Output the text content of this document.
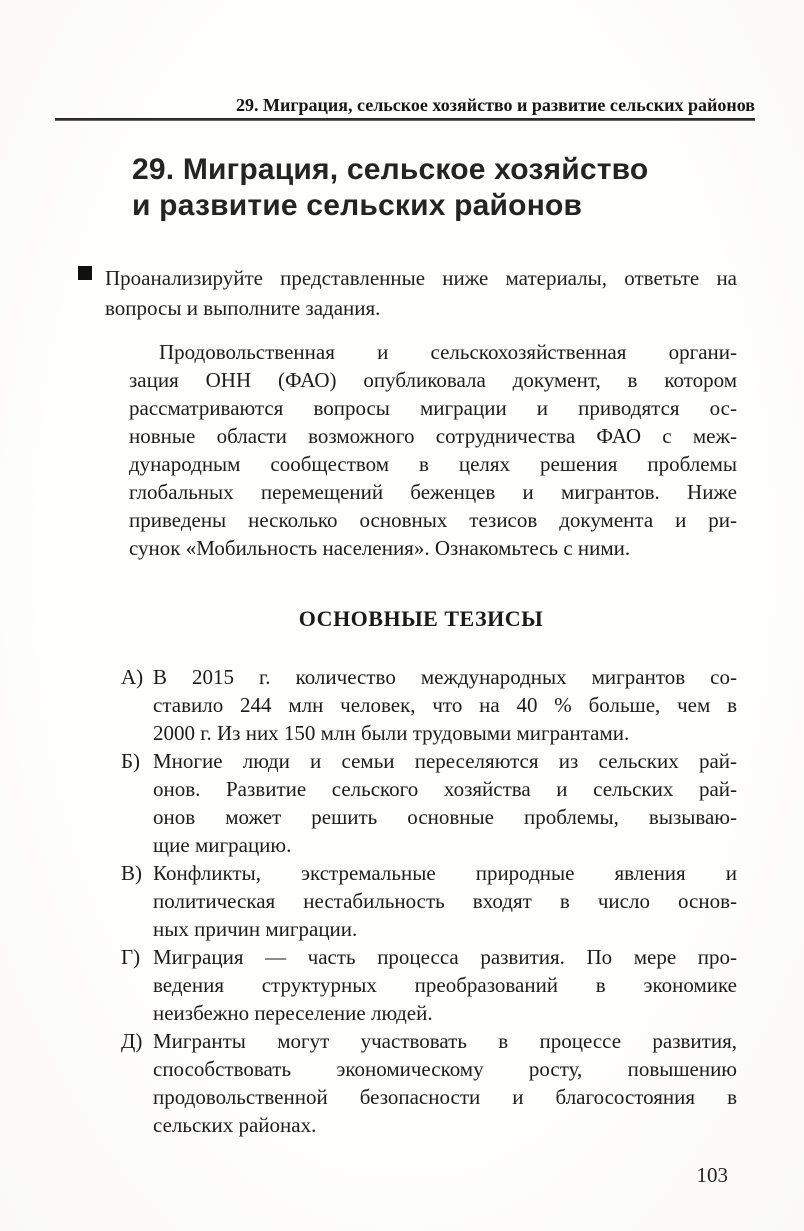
29. Миграция, сельское хозяйство и развитие сельских районов
29. Миграция, сельское хозяйство
и развитие сельских районов
Проанализируйте представленные ниже материалы, ответьте на
вопросы и выполните задания.
Продовольственная и сельскохозяйственная органи-
зация ОНН (ФАО) опубликовала документ, в котором
рассматриваются вопросы миграции и приводятся ос-
новные области возможного сотрудничества ФАО с меж-
дународным сообществом в целях решения проблемы
глобальных перемещений беженцев и мигрантов. Ниже
приведены несколько основных тезисов документа и ри-
сунок «Мобильность населения». Ознакомьтесь с ними.
ОСНОВНЫЕ ТЕЗИСЫ
А) В 2015 г. количество международных мигрантов со-
ставило 244 млн человек, что на 40 % больше, чем в
2000 г. Из них 150 млн были трудовыми мигрантами.
Б) Многие люди и семьи переселяются из сельских рай-
онов. Развитие сельского хозяйства и сельских рай-
онов может решить основные проблемы, вызываю-
щие миграцию.
В) Конфликты, экстремальные природные явления и
политическая нестабильность входят в число основ-
ных причин миграции.
Г) Миграция — часть процесса развития. По мере про-
ведения структурных преобразований в экономике
неизбежно переселение людей.
Д) Мигранты могут участвовать в процессе развития,
способствовать экономическому росту, повышению
продовольственной безопасности и благосостояния в
сельских районах.
103
